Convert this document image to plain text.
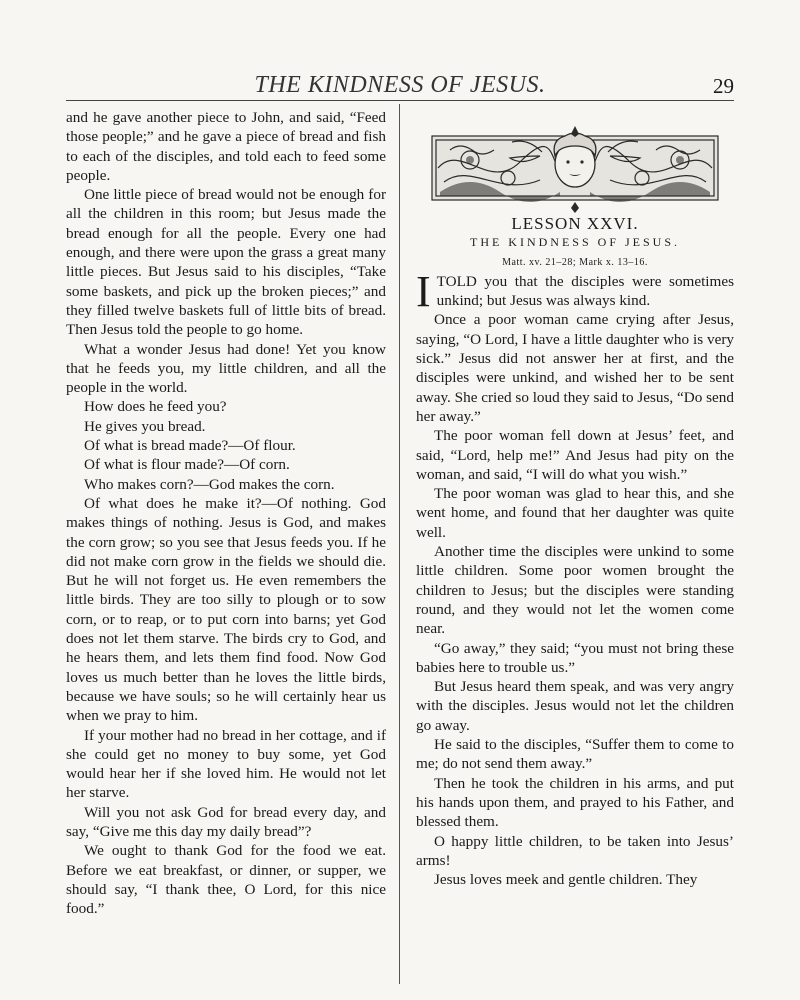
THE KINDNESS OF JESUS.	29

and he gave another piece to John, and said, “Feed those people;” and he gave a piece of bread and fish to each of the disciples, and told each to feed some people.

One little piece of bread would not be enough for all the children in this room; but Jesus made the bread enough for all the people. Every one had enough, and there were upon the grass a great many little pieces. But Jesus said to his disciples, “Take some baskets, and pick up the broken pieces;” and they filled twelve baskets full of little bits of bread. Then Jesus told the people to go home.

What a wonder Jesus had done! Yet you know that he feeds you, my little children, and all the people in the world.

How does he feed you?

He gives you bread.

Of what is bread made?—Of flour.

Of what is flour made?—Of corn.

Who makes corn?—God makes the corn.

Of what does he make it?—Of nothing. God makes things of nothing. Jesus is God, and makes the corn grow; so you see that Jesus feeds you. If he did not make corn grow in the fields we should die. But he will not forget us. He even remembers the little birds. They are too silly to plough or to sow corn, or to reap, or to put corn into barns; yet God does not let them starve. The birds cry to God, and he hears them, and lets them find food. Now God loves us much better than he loves the little birds, because we have souls; so he will certainly hear us when we pray to him.

If your mother had no bread in her cottage, and if she could get no money to buy some, yet God would hear her if she loved him. He would not let her starve.

Will you not ask God for bread every day, and say, “Give me this day my daily bread”?

We ought to thank God for the food we eat. Before we eat breakfast, or dinner, or supper, we should say, “I thank thee, O Lord, for this nice food.”

LESSON XXVI.

THE KINDNESS OF JESUS.

Matt. xv. 21–28; Mark x. 13–16.

ITOLD you that the disciples were sometimes unkind; but Jesus was always kind.

Once a poor woman came crying after Jesus, saying, “O Lord, I have a little daughter who is very sick.” Jesus did not answer her at first, and the disciples were unkind, and wished her to be sent away. She cried so loud they said to Jesus, “Do send her away.”

The poor woman fell down at Jesus’ feet, and said, “Lord, help me!” And Jesus had pity on the woman, and said, “I will do what you wish.”

The poor woman was glad to hear this, and she went home, and found that her daughter was quite well.

Another time the disciples were unkind to some little children. Some poor women brought the children to Jesus; but the disciples were standing round, and they would not let the women come near.

“Go away,” they said; “you must not bring these babies here to trouble us.”

But Jesus heard them speak, and was very angry with the disciples. Jesus would not let the children go away.

He said to the disciples, “Suffer them to come to me; do not send them away.”

Then he took the children in his arms, and put his hands upon them, and prayed to his Father, and blessed them.

O happy little children, to be taken into Jesus’ arms!

Jesus loves meek and gentle children. They
